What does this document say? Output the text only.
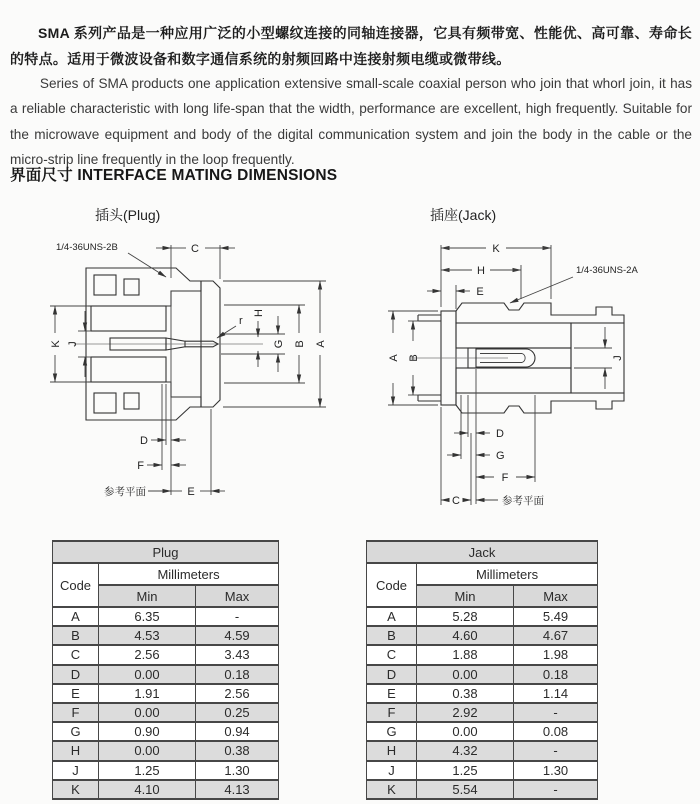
SMA 系列产品是一种应用广泛的小型螺纹连接的同轴连接器，它具有频带宽、性能优、高可靠、寿命长的特点。适用于微波设备和数字通信系统的射频回路中连接射频电缆或微带线。

Series of SMA products one application extensive small-scale coaxial person who join that whorl join, it has a reliable characteristic with long life-span that the width, performance are excellent, high frequently. Suitable for the microwave equipment and body of the digital communication system and join the body in the cable or the micro-strip line frequently in the loop frequently.

界面尺寸 INTERFACE MATING DIMENSIONS
插头(Plug)	插座(Jack)
1/4-36UNS-2B	C
K J	A
B
G
H
r
D
F
参考平面	E
1/4-36UNS-2A
K
H
E
A B	J
D
G
F
C	参考平面
Plug		
Code	Millimeters	
	Min	Max
A	6.35	-
B	4.53	4.59
C	2.56	3.43
D	0.00	0.18
E	1.91	2.56
F	0.00	0.25
G	0.90	0.94
H	0.00	0.38
J	1.25	1.30
K	4.10	4.13
Jack		
Code	Millimeters	
	Min	Max
A	5.28	5.49
B	4.60	4.67
C	1.88	1.98
D	0.00	0.18
E	0.38	1.14
F	2.92	-
G	0.00	0.08
H	4.32	-
J	1.25	1.30
K	5.54	-
